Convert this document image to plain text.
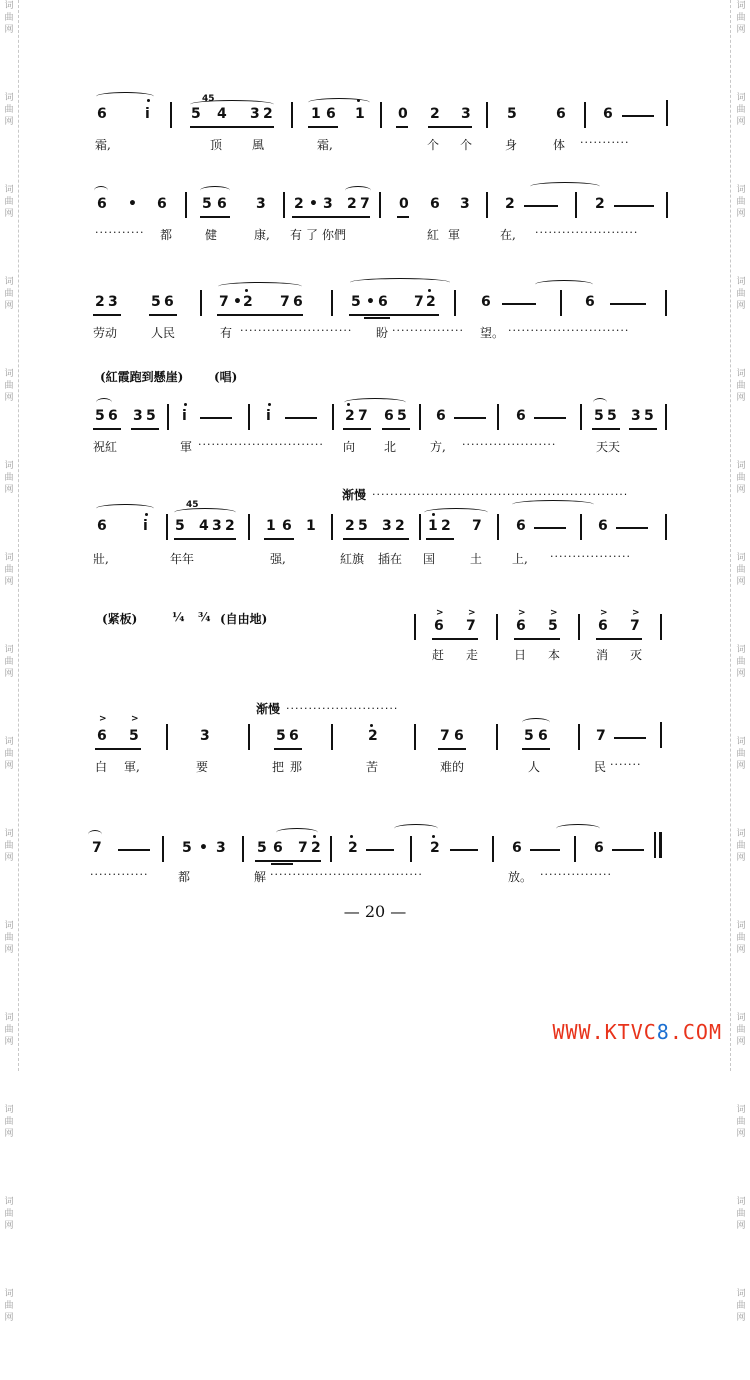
词
曲
网
词
曲
网
词
曲
网
词
曲
网
词
曲
网
词
曲
网
词
曲
网
词
曲
网
词
曲
网
词
曲
网
词
曲
网
词
曲
网
词
曲
网
词
曲
网
词
曲
网
词
曲
网
词
曲
网
词
曲
网
词
曲
网
词
曲
网
词
曲
网
词
曲
网
词
曲
网
词
曲
网
词
曲
网
词
曲
网
词
曲
网
词
曲
网
词
曲
网
词
曲
网
45
6	i	5 4 3 2	1 6 1 0 2 3	5	6	6
霜,	顶 風	霜,	个 个	身	体 ···········
6 • 6	5 6 3 2 • 3 2 7 0 6 3	2	2
··········· 都	健	康, 有 了 你們	紅 軍	在, ·······················
2 3 5 6	7 • 2 7 6	5 • 6 7 2	6	6
劳动	人民	有 ························· 盼 ················ 望。 ···························
(紅霞跑到懸崖)	(唱)
5 6 3 5 i	i	2 7 6 5 6	6	5 5 3 5
祝紅	軍 ···························· 向 北	方, ·····················	天天
渐慢 ·························································
45
6	i 5 4 3 2 1 6 1 2 5 3 2 1 2 7 6	6
壯,	年年	强,	紅旗 插在 国	土 上, ··················
(紧板)	¼ ¾ (自由地)	>	>	>	>	>	>
6 7	6 5	6 7
赶 走	日 本	消 灭
渐慢 ·························
>	>
6 5	3	5 6	2	7 6	5 6	7
白 軍,	要	把 那	苦	难的	人	民 ·······
7	5 • 3 5 6 7 2 2	2	6	6
············· 都	解 ··································	放。 ················
— 20 —
WWW.KTVC8.COM
